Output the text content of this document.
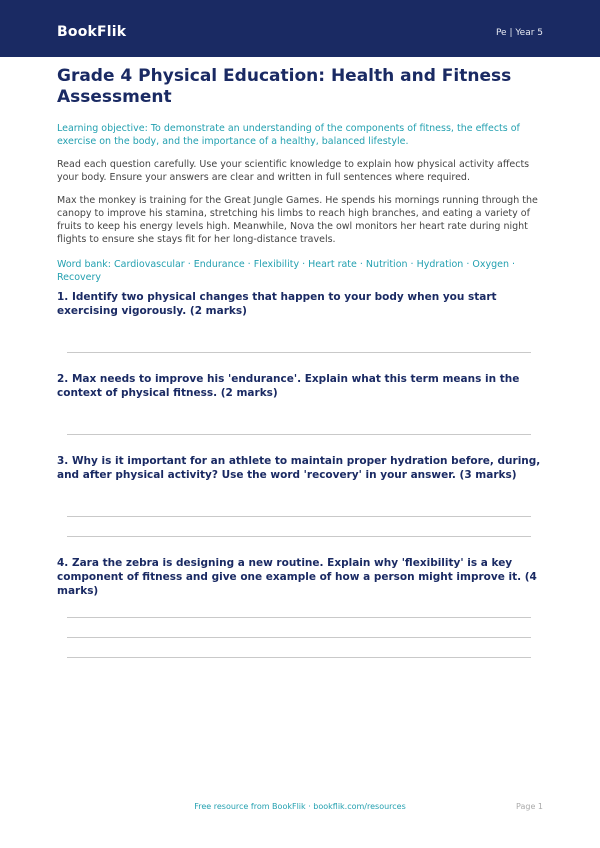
BookFlik	Pe | Year 5
Grade 4 Physical Education: Health and Fitness Assessment

Learning objective: To demonstrate an understanding of the components of fitness, the effects of exercise on the body, and the importance of a healthy, balanced lifestyle.

Read each question carefully. Use your scientific knowledge to explain how physical activity affects your body. Ensure your answers are clear and written in full sentences where required.

Max the monkey is training for the Great Jungle Games. He spends his mornings running through the canopy to improve his stamina, stretching his limbs to reach high branches, and eating a variety of fruits to keep his energy levels high. Meanwhile, Nova the owl monitors her heart rate during night flights to ensure she stays fit for her long-distance travels.

Word bank: Cardiovascular · Endurance · Flexibility · Heart rate · Nutrition · Hydration · Oxygen · Recovery

1. Identify two physical changes that happen to your body when you start exercising vigorously. (2 marks)
2. Max needs to improve his 'endurance'. Explain what this term means in the context of physical fitness. (2 marks)
3. Why is it important for an athlete to maintain proper hydration before, during, and after physical activity? Use the word 'recovery' in your answer. (3 marks)
4. Zara the zebra is designing a new routine. Explain why 'flexibility' is a key component of fitness and give one example of how a person might improve it. (4 marks)
Free resource from BookFlik · bookflik.com/resources	Page 1
